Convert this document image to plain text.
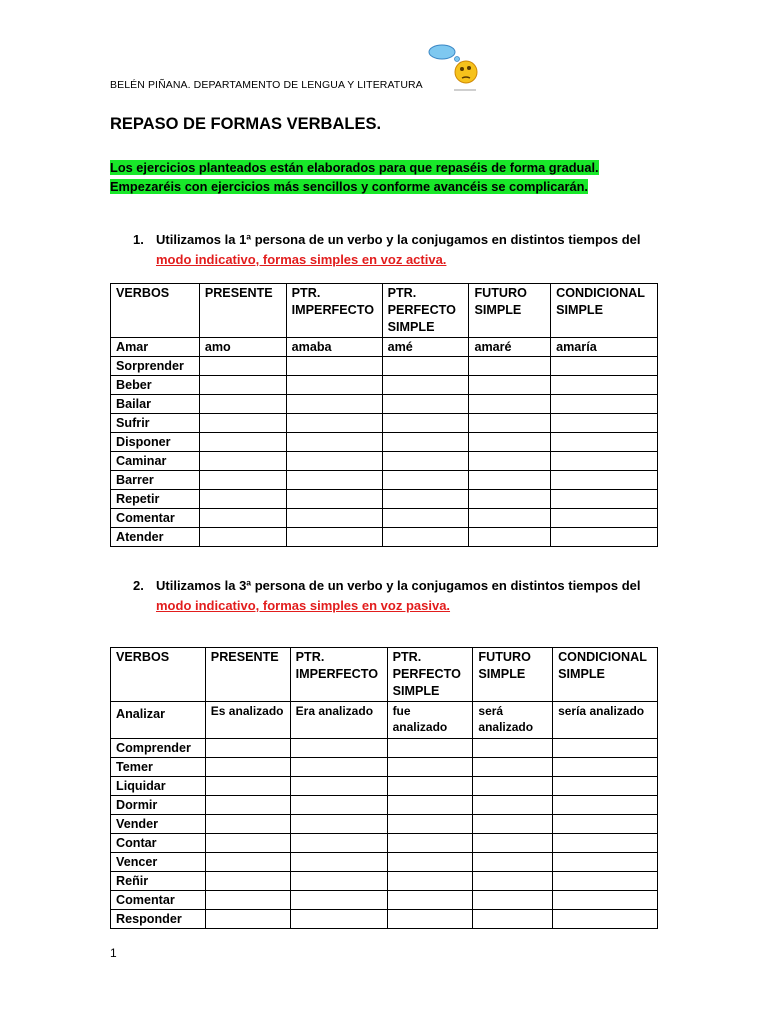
BELÉN PIÑANA. DEPARTAMENTO DE LENGUA Y LITERATURA
REPASO DE FORMAS VERBALES.
Los ejercicios planteados están elaborados para que repaséis de forma gradual.
Empezaréis con ejercicios más sencillos y conforme avancéis se complicarán.
1. Utilizamos la 1ª persona de un verbo y la conjugamos en distintos tiempos del
modo indicativo, formas simples en voz activa.
VERBOS	PRESENTE	PTR. IMPERFECTO	PTR. PERFECTO SIMPLE	FUTURO SIMPLE	CONDICIONAL SIMPLE
Amar	amo	amaba	amé	amaré	amaría
Sorprender					
Beber					
Bailar					
Sufrir					
Disponer					
Caminar					
Barrer					
Repetir					
Comentar					
Atender					
2. Utilizamos la 3ª persona de un verbo y la conjugamos en distintos tiempos del
modo indicativo, formas simples en voz pasiva.
VERBOS	PRESENTE	PTR. IMPERFECTO	PTR. PERFECTO SIMPLE	FUTURO SIMPLE	CONDICIONAL SIMPLE
Analizar	Es analizado	Era analizado	fue analizado	será analizado	sería analizado
Comprender					
Temer					
Liquidar					
Dormir					
Vender					
Contar					
Vencer					
Reñir					
Comentar					
Responder					
1
